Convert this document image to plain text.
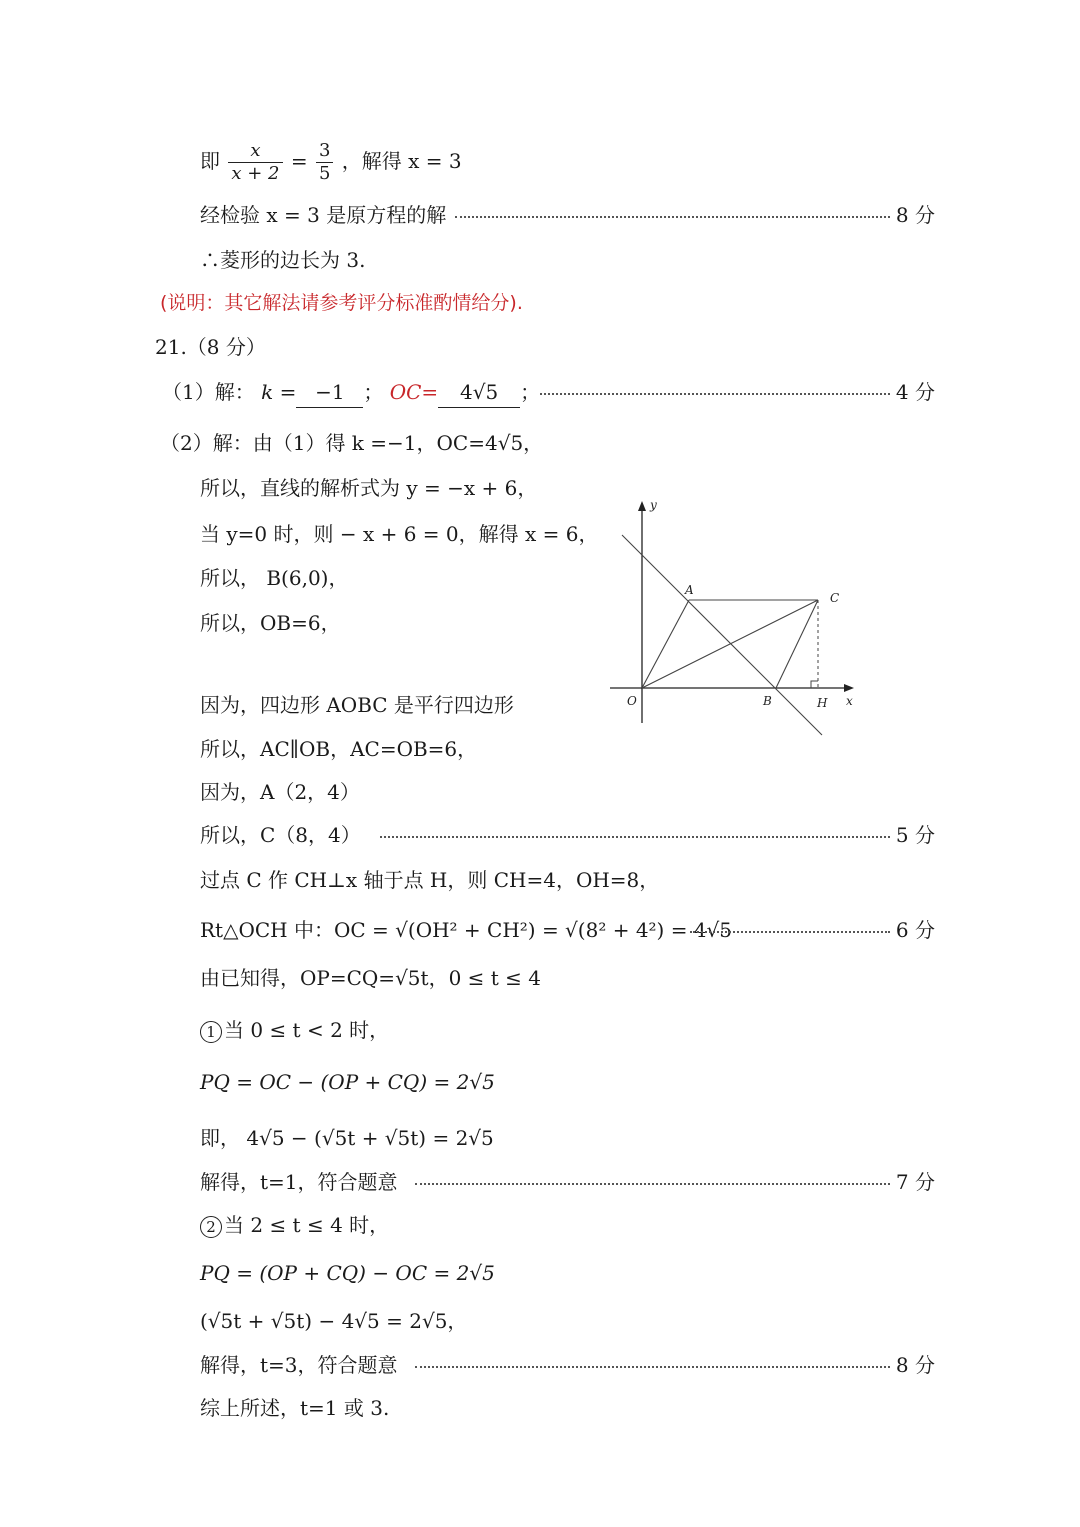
即 $\frac{x}{x + 2} = \frac{3}{5}$ ，解得 x = 3
经检验 x = 3 是原方程的解	8 分
∴菱形的边长为 3.
(说明：其它解法请参考评分标准酌情给分).
21.（8 分）
（1）解： k = −1 ； OC= 4√5 ；	4 分
（2）解：由（1）得 k =−1，OC=4√5，
所以，直线的解析式为 y = −x + 6，
当 y=0 时，则 − x + 6 = 0，解得 x = 6，
所以， B(6,0)，
所以，OB=6，
y
x
O
A
B
C
H
因为，四边形 AOBC 是平行四边形
所以，AC∥OB，AC=OB=6，
因为，A（2，4）
所以，C（8，4）	5 分
过点 C 作 CH⊥x 轴于点 H，则 CH=4，OH=8，
Rt△OCH 中：OC = √(OH² + CH²) = √(8² + 4²) = 4√5	6 分
由已知得，OP=CQ=√5t，0 ≤ t ≤ 4
1 当 0 ≤ t < 2 时，
PQ = OC − (OP + CQ) = 2√5
即， 4√5 − (√5t + √5t) = 2√5
解得，t=1，符合题意	7 分
2 当 2 ≤ t ≤ 4 时，
PQ = (OP + CQ) − OC = 2√5
(√5t + √5t) − 4√5 = 2√5，
解得，t=3，符合题意	8 分
综上所述，t=1 或 3.
